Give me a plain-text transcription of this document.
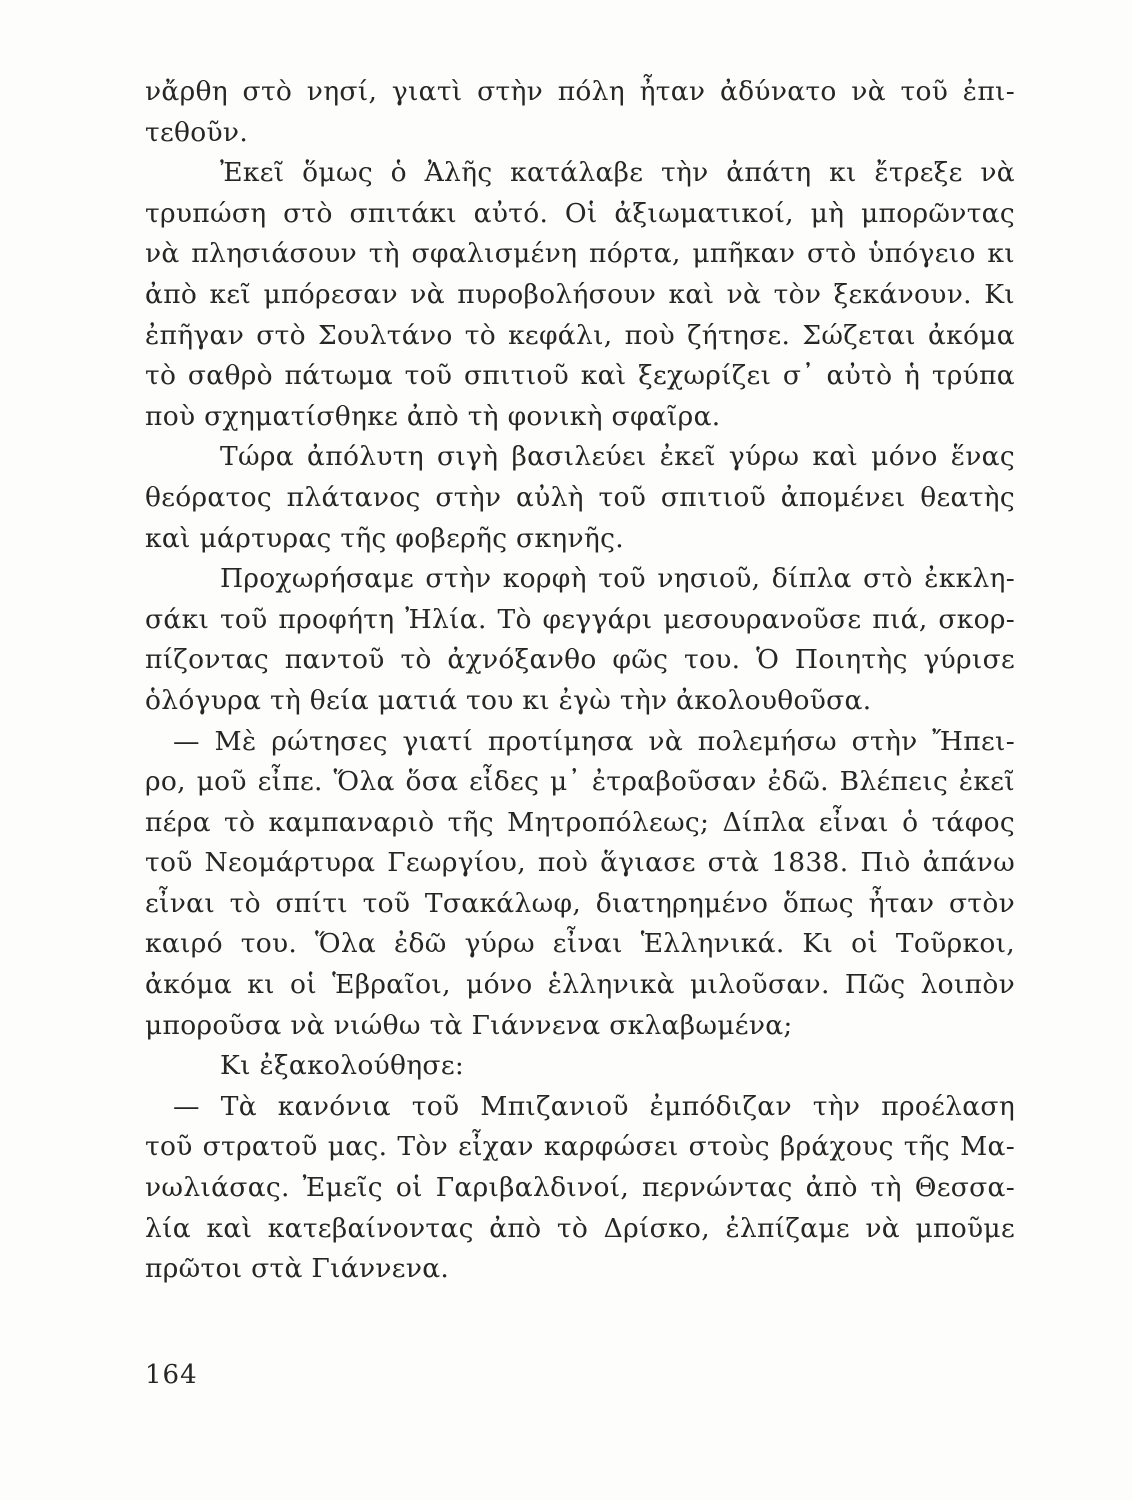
νἄρθη στὸ νησί, γιατὶ στὴν πόλη ἦταν ἀδύνατο νὰ τοῦ ἐπι-
τεθοῦν.
Ἐκεῖ ὅμως ὁ Ἀλῆς κατάλαβε τὴν ἀπάτη κι ἔτρεξε νὰ
τρυπώση στὸ σπιτάκι αὐτό. Οἱ ἀξιωματικοί, μὴ μπορῶντας
νὰ πλησιάσουν τὴ σφαλισμένη πόρτα, μπῆκαν στὸ ὑπόγειο κι
ἀπὸ κεῖ μπόρεσαν νὰ πυροβολήσουν καὶ νὰ τὸν ξεκάνουν. Κι
ἐπῆγαν στὸ Σουλτάνο τὸ κεφάλι, ποὺ ζήτησε. Σώζεται ἀκόμα
τὸ σαθρὸ πάτωμα τοῦ σπιτιοῦ καὶ ξεχωρίζει σ᾽ αὐτὸ ἡ τρύπα
ποὺ σχηματίσθηκε ἀπὸ τὴ φονικὴ σφαῖρα.
Τώρα ἀπόλυτη σιγὴ βασιλεύει ἐκεῖ γύρω καὶ μόνο ἕνας
θεόρατος πλάτανος στὴν αὐλὴ τοῦ σπιτιοῦ ἀπομένει θεατὴς
καὶ μάρτυρας τῆς φοβερῆς σκηνῆς.
Προχωρήσαμε στὴν κορφὴ τοῦ νησιοῦ, δίπλα στὸ ἐκκλη-
σάκι τοῦ προφήτη Ἠλία. Τὸ φεγγάρι μεσουρανοῦσε πιά, σκορ-
πίζοντας παντοῦ τὸ ἀχνόξανθο φῶς του. Ὁ Ποιητὴς γύρισε
ὁλόγυρα τὴ θεία ματιά του κι ἐγὼ τὴν ἀκολουθοῦσα.
— Μὲ ρώτησες γιατί προτίμησα νὰ πολεμήσω στὴν Ἤπει-
ρο, μοῦ εἶπε. Ὅλα ὅσα εἶδες μ᾽ ἐτραβοῦσαν ἐδῶ. Βλέπεις ἐκεῖ
πέρα τὸ καμπαναριὸ τῆς Μητροπόλεως; Δίπλα εἶναι ὁ τάφος
τοῦ Νεομάρτυρα Γεωργίου, ποὺ ἅγιασε στὰ 1838. Πιὸ ἀπάνω
εἶναι τὸ σπίτι τοῦ Τσακάλωφ, διατηρημένο ὅπως ἦταν στὸν
καιρό του. Ὅλα ἐδῶ γύρω εἶναι Ἑλληνικά. Κι οἱ Τοῦρκοι,
ἀκόμα κι οἱ Ἑβραῖοι, μόνο ἑλληνικὰ μιλοῦσαν. Πῶς λοιπὸν
μποροῦσα νὰ νιώθω τὰ Γιάννενα σκλαβωμένα;
Κι ἐξακολούθησε:
— Τὰ κανόνια τοῦ Μπιζανιοῦ ἐμπόδιζαν τὴν προέλαση
τοῦ στρατοῦ μας. Τὸν εἶχαν καρφώσει στοὺς βράχους τῆς Μα-
νωλιάσας. Ἐμεῖς οἱ Γαριβαλδινοί, περνώντας ἀπὸ τὴ Θεσσα-
λία καὶ κατεβαίνοντας ἀπὸ τὸ Δρίσκο, ἐλπίζαμε νὰ μποῦμε
πρῶτοι στὰ Γιάννενα.
164
